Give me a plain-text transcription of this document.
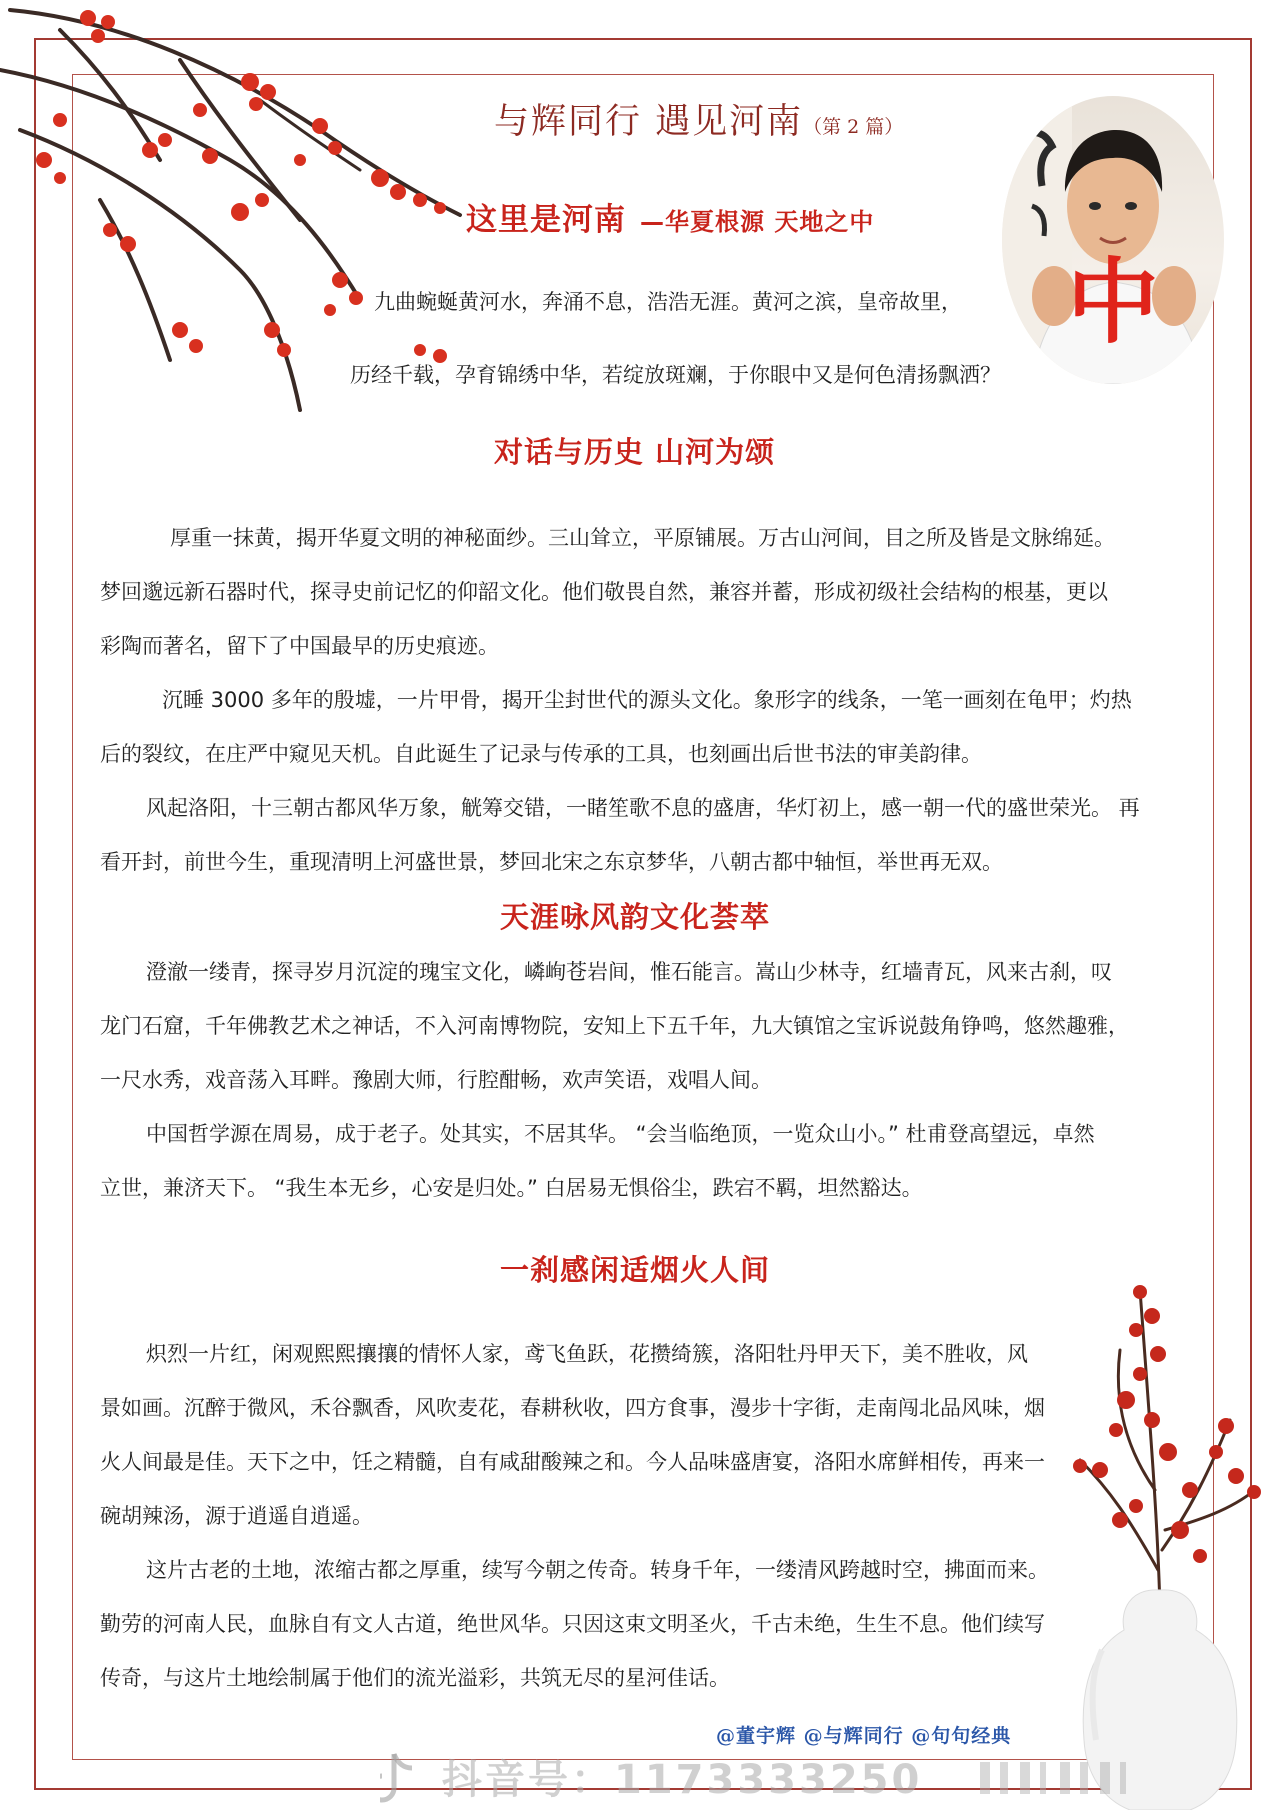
中
与辉同行 遇见河南（第 2 篇）
这里是河南 —华夏根源 天地之中

九曲蜿蜒黄河水，奔涌不息，浩浩无涯。黄河之滨，皇帝故里，

历经千载，孕育锦绣中华，若绽放斑斓，于你眼中又是何色清扬飘洒？

对话与历史 山河为颂

厚重一抹黄，揭开华夏文明的神秘面纱。三山耸立，平原铺展。万古山河间，目之所及皆是文脉绵延。

梦回邈远新石器时代，探寻史前记忆的仰韶文化。他们敬畏自然，兼容并蓄，形成初级社会结构的根基，更以

彩陶而著名，留下了中国最早的历史痕迹。

沉睡 3000 多年的殷墟，一片甲骨，揭开尘封世代的源头文化。象形字的线条，一笔一画刻在龟甲；灼热

后的裂纹，在庄严中窥见天机。自此诞生了记录与传承的工具，也刻画出后世书法的审美韵律。

风起洛阳，十三朝古都风华万象，觥筹交错，一睹笙歌不息的盛唐，华灯初上，感一朝一代的盛世荣光。 再

看开封，前世今生，重现清明上河盛世景，梦回北宋之东京梦华，八朝古都中轴恒，举世再无双。

天涯咏风韵文化荟萃

澄澈一缕青，探寻岁月沉淀的瑰宝文化，嶙峋苍岩间，惟石能言。嵩山少林寺，红墙青瓦，风来古刹，叹

龙门石窟，千年佛教艺术之神话，不入河南博物院，安知上下五千年，九大镇馆之宝诉说鼓角铮鸣，悠然趣雅，

一尺水秀，戏音荡入耳畔。豫剧大师，行腔酣畅，欢声笑语，戏唱人间。

中国哲学源在周易，成于老子。处其实，不居其华。 “会当临绝顶，一览众山小。” 杜甫登高望远，卓然

立世，兼济天下。 “我生本无乡，心安是归处。” 白居易无惧俗尘，跌宕不羁，坦然豁达。

一刹感闲适烟火人间

炽烈一片红，闲观熙熙攘攘的情怀人家，鸢飞鱼跃，花攒绮簇，洛阳牡丹甲天下，美不胜收，风

景如画。沉醉于微风，禾谷飘香，风吹麦花，春耕秋收，四方食事，漫步十字街，走南闯北品风味，烟

火人间最是佳。天下之中，饪之精髓，自有咸甜酸辣之和。今人品味盛唐宴，洛阳水席鲜相传，再来一

碗胡辣汤，源于逍遥自逍遥。

这片古老的土地，浓缩古都之厚重，续写今朝之传奇。转身千年，一缕清风跨越时空，拂面而来。

勤劳的河南人民，血脉自有文人古道，绝世风华。只因这束文明圣火，千古未绝，生生不息。他们续写

传奇，与这片土地绘制属于他们的流光溢彩，共筑无尽的星河佳话。

@董宇辉 @与辉同行 @句句经典

抖音号：1173333250
